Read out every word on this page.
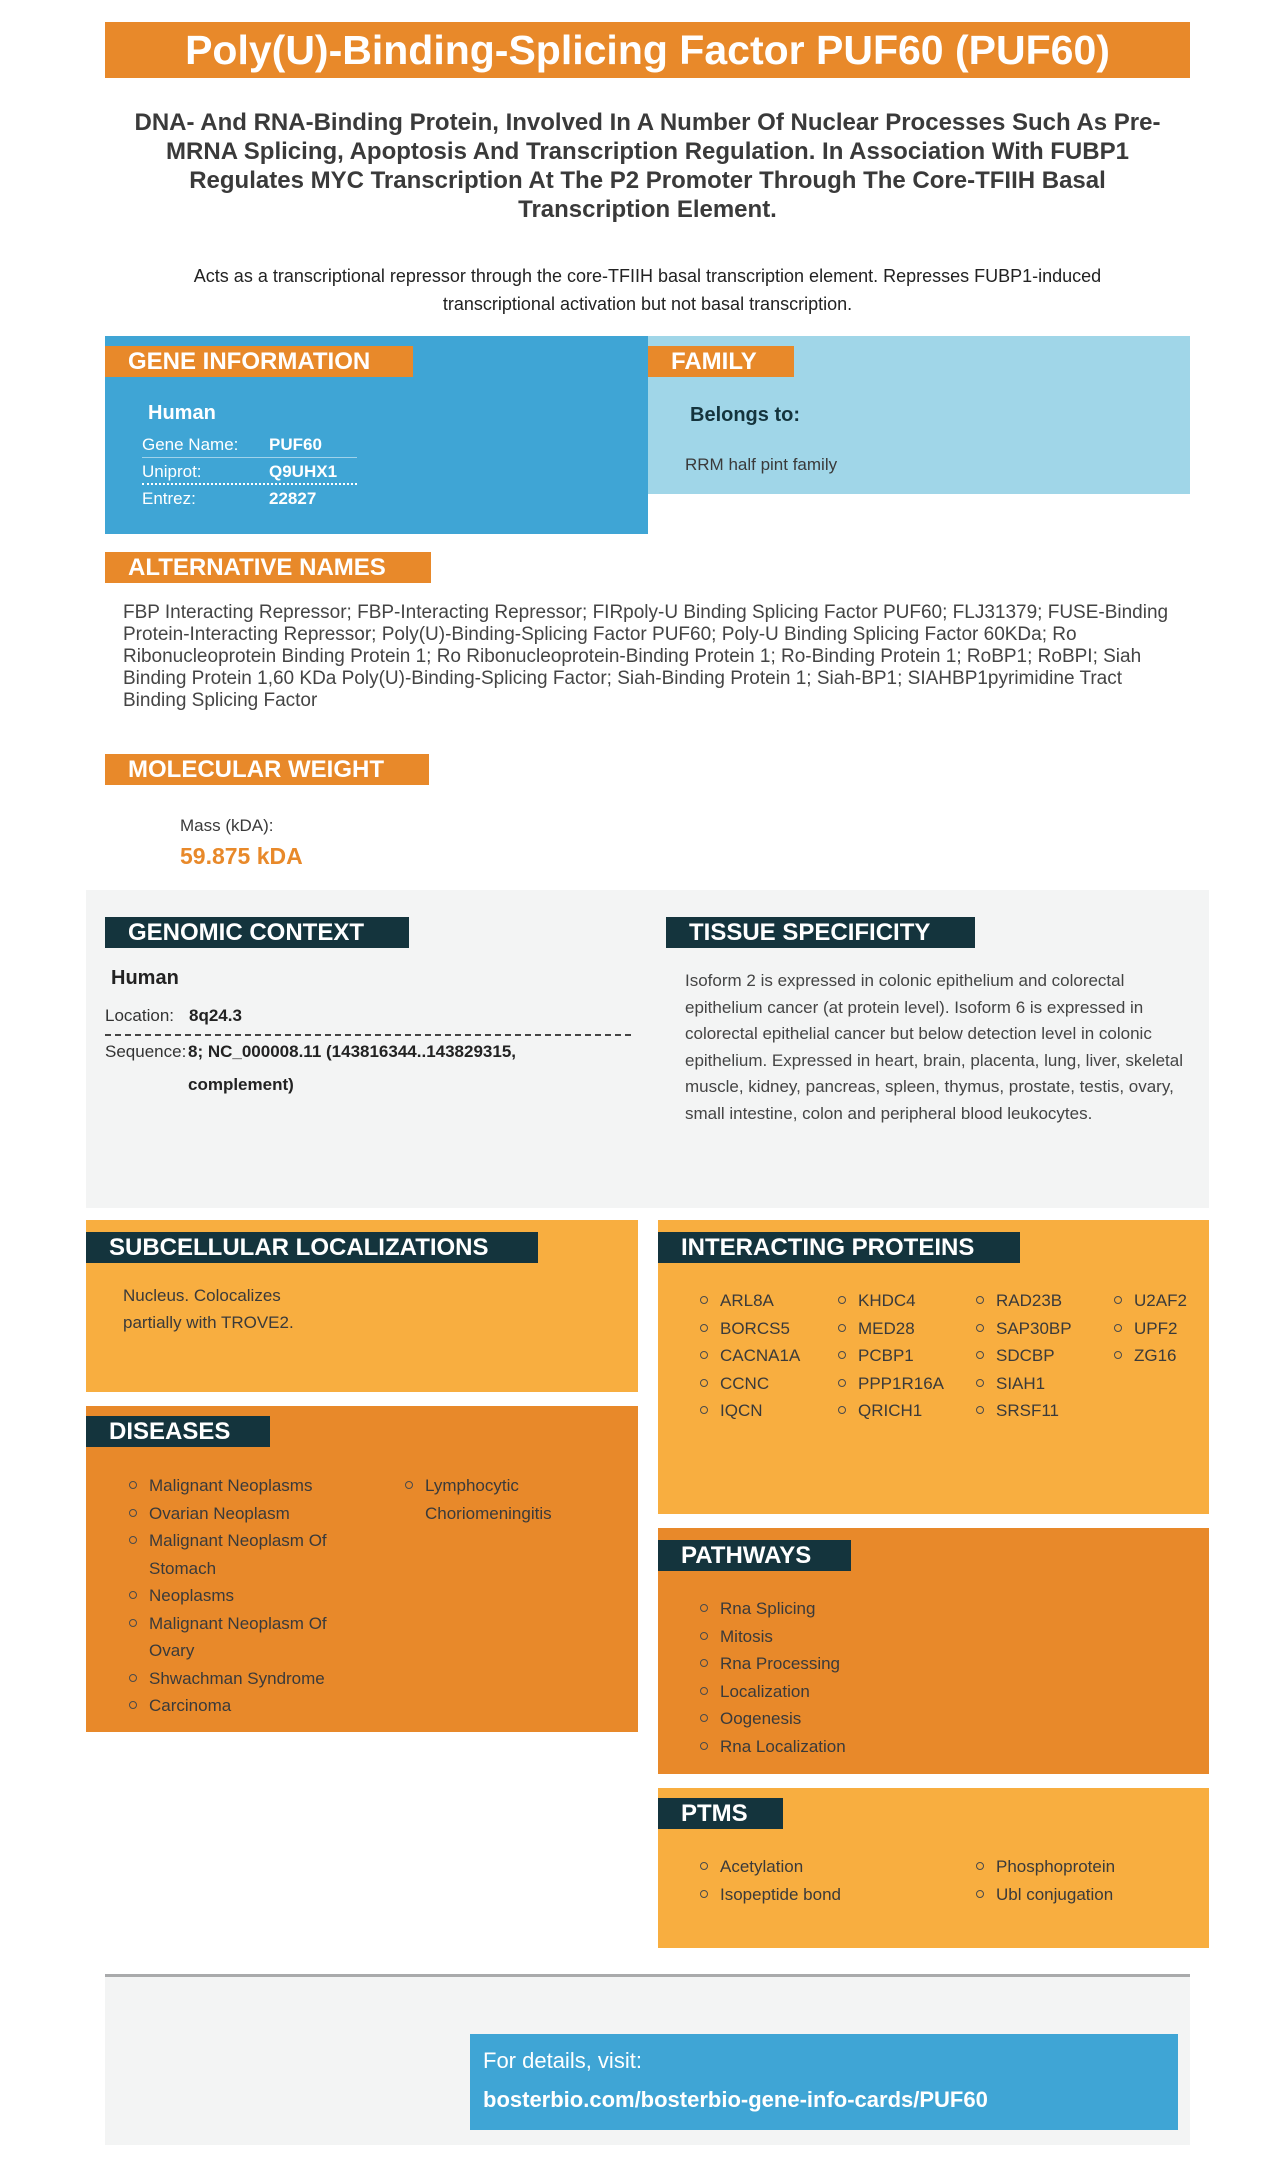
Poly(U)-Binding-Splicing Factor PUF60 (PUF60)
DNA- And RNA-Binding Protein, Involved In A Number Of Nuclear Processes Such As Pre-MRNA Splicing, Apoptosis And Transcription Regulation. In Association With FUBP1 Regulates MYC Transcription At The P2 Promoter Through The Core-TFIIH Basal Transcription Element.
Acts as a transcriptional repressor through the core-TFIIH basal transcription element. Represses FUBP1-induced transcriptional activation but not basal transcription.
GENE INFORMATION
Human
Gene Name: PUF60
Uniprot:	Q9UHX1
Entrez:	22827
FAMILY
Belongs to:
RRM half pint family
ALTERNATIVE NAMES
FBP Interacting Repressor; FBP-Interacting Repressor; FIRpoly-U Binding Splicing Factor PUF60; FLJ31379; FUSE-Binding Protein-Interacting Repressor; Poly(U)-Binding-Splicing Factor PUF60; Poly-U Binding Splicing Factor 60KDa; Ro Ribonucleoprotein Binding Protein 1; Ro Ribonucleoprotein-Binding Protein 1; Ro-Binding Protein 1; RoBP1; RoBPI; Siah Binding Protein 1,60 KDa Poly(U)-Binding-Splicing Factor; Siah-Binding Protein 1; Siah-BP1; SIAHBP1pyrimidine Tract Binding Splicing Factor
MOLECULAR WEIGHT
Mass (kDA):
59.875 kDA
GENOMIC CONTEXT
Human
Location: 8q24.3
Sequence: 8; NC_000008.11 (143816344..143829315,
complement)
TISSUE SPECIFICITY
Isoform 2 is expressed in colonic epithelium and colorectal epithelium cancer (at protein level). Isoform 6 is expressed in colorectal epithelial cancer but below detection level in colonic epithelium. Expressed in heart, brain, placenta, lung, liver, skeletal muscle, kidney, pancreas, spleen, thymus, prostate, testis, ovary, small intestine, colon and peripheral blood leukocytes.
SUBCELLULAR LOCALIZATIONS
Nucleus. Colocalizes
partially with TROVE2.
DISEASES
Malignant Neoplasms
Ovarian Neoplasm
Malignant Neoplasm Of
Stomach
Neoplasms
Malignant Neoplasm Of
Ovary
Shwachman Syndrome
Carcinoma
Lymphocytic
Choriomeningitis
INTERACTING PROTEINS
ARL8A
BORCS5
CACNA1A
CCNC
IQCN
KHDC4
MED28
PCBP1
PPP1R16A
QRICH1
RAD23B
SAP30BP
SDCBP
SIAH1
SRSF11
U2AF2
UPF2
ZG16
PATHWAYS
Rna Splicing
Mitosis
Rna Processing
Localization
Oogenesis
Rna Localization
PTMS
Acetylation
Isopeptide bond
Phosphoprotein
Ubl conjugation
For details, visit:
bosterbio.com/bosterbio-gene-info-cards/PUF60
